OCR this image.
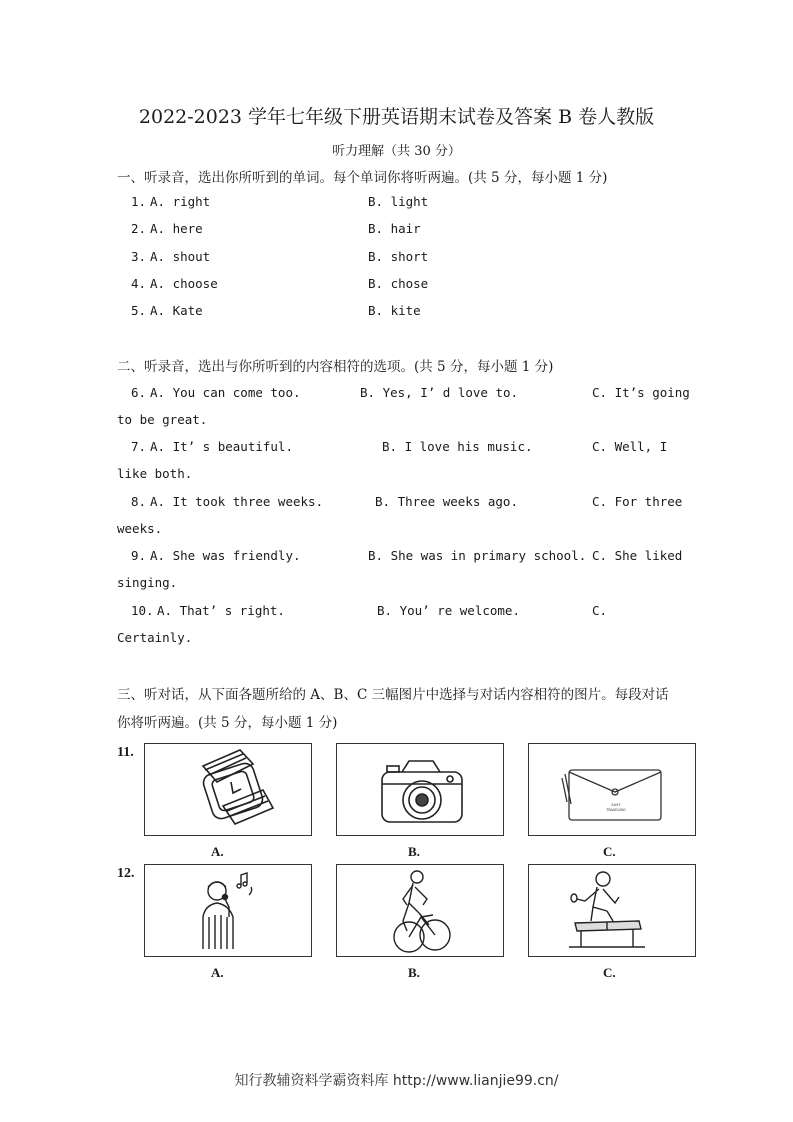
2022-2023 学年七年级下册英语期末试卷及答案 B 卷人教版
听力理解（共 30 分）
一、听录音，选出你所听到的单词。每个单词你将听两遍。(共 5 分，每小题 1 分)
1. A. right	B. light
2. A. here	B. hair
3. A. shout	B. short
4. A. choose	B. chose
5. A. Kate	B. kite
二、听录音，选出与你所听到的内容相符的选项。(共 5 分，每小题 1 分)
6. A. You can come too.	B. Yes, I’ d love to.	C. It’s going
to be great.
7. A. It’ s beautiful.	B. I love his music.	C. Well, I
like both.
8. A. It took three weeks.	B. Three weeks ago.	C. For three
weeks.
9. A. She was friendly.	B. She was in primary school. C. She liked
singing.
10. A. That’ s right.	B. You’ re welcome.	C.
Certainly.
三、听对话，从下面各题所给的 A、B、C 三幅图片中选择与对话内容相符的图片。每段对话
你将听两遍。(共 5 分，每小题 1 分)
11.
EASY
TRAVELING
A.	B.	C.
12.
A.	B.	C.
知行教辅资料学霸资料库 http://www.lianjie99.cn/
